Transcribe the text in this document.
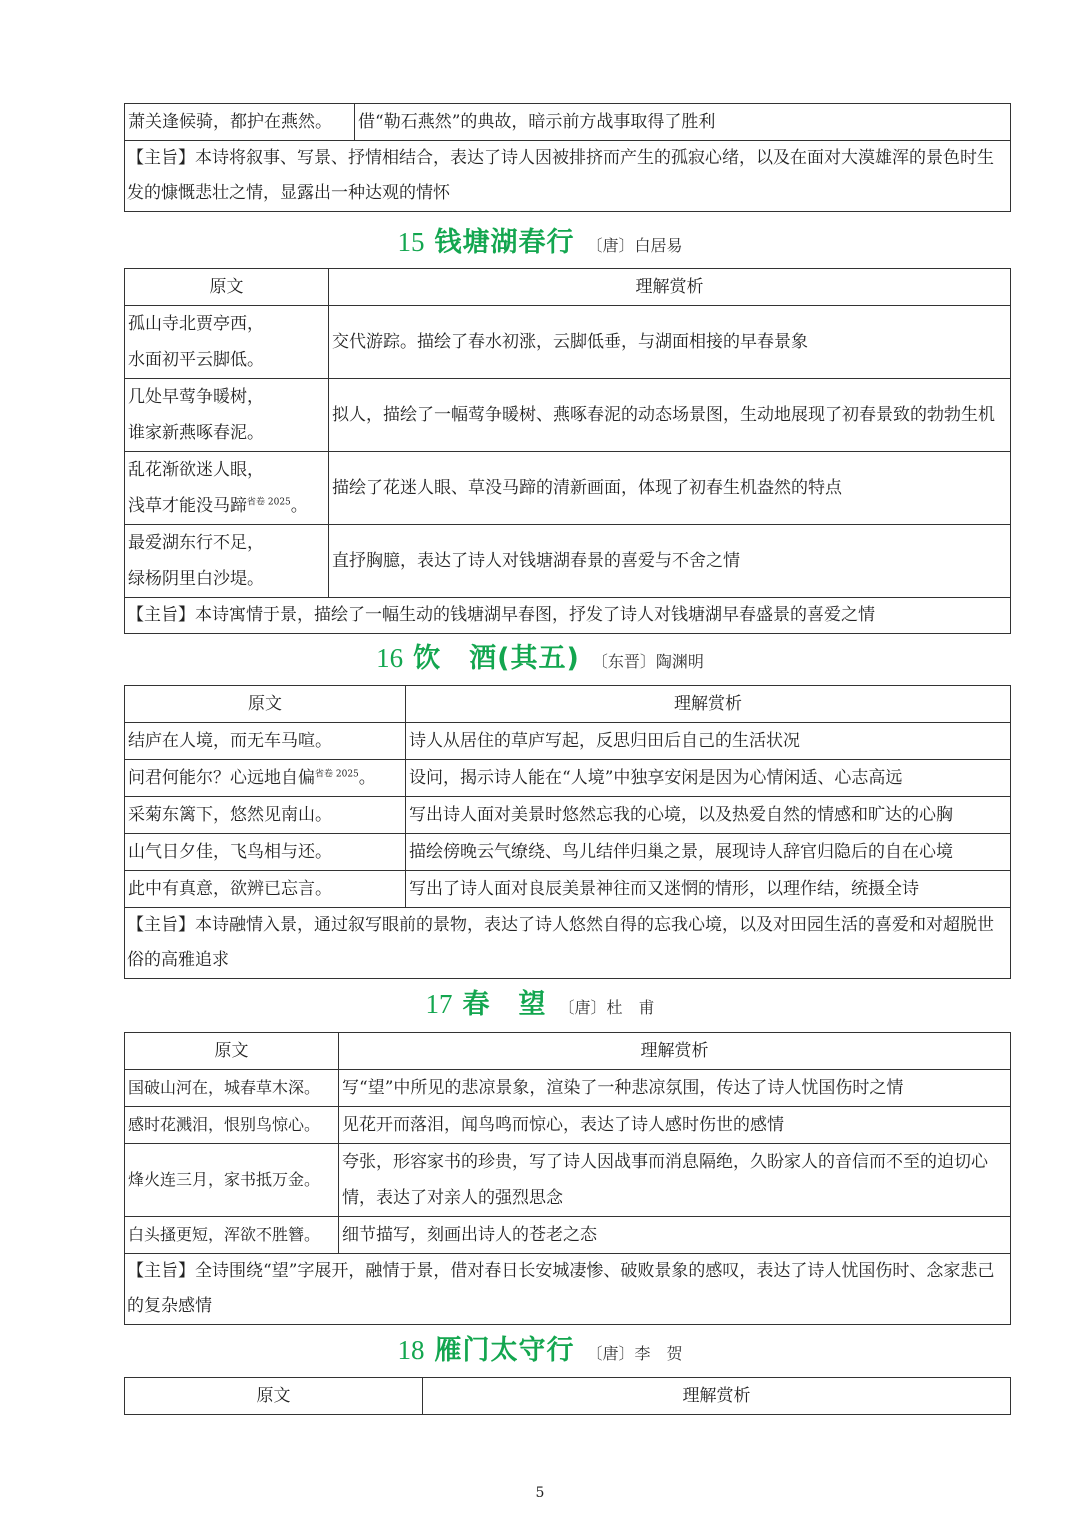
萧关逢候骑，都护在燕然。	借“勒石燕然”的典故，暗示前方战事取得了胜利
【主旨】本诗将叙事、写景、抒情相结合，表达了诗人因被排挤而产生的孤寂心绪，以及在面对大漠雄浑的景色时生发的慷慨悲壮之情，显露出一种达观的情怀
15 钱塘湖春行 〔唐〕白居易
原文	理解赏析

孤山寺北贾亭西，
水面初平云脚低。	交代游踪。描绘了春水初涨，云脚低垂，与湖面相接的早春景象

几处早莺争暖树，
谁家新燕啄春泥。	拟人，描绘了一幅莺争暖树、燕啄春泥的动态场景图，生动地展现了初春景致的勃勃生机

乱花渐欲迷人眼，
浅草才能没马蹄$^{省卷 2025}$。	描绘了花迷人眼、草没马蹄的清新画面，体现了初春生机盎然的特点

最爱湖东行不足，
绿杨阴里白沙堤。	直抒胸臆，表达了诗人对钱塘湖春景的喜爱与不舍之情
【主旨】本诗寓情于景，描绘了一幅生动的钱塘湖早春图，抒发了诗人对钱塘湖早春盛景的喜爱之情	
16 饮　酒(其五) 〔东晋〕陶渊明
原文	理解赏析
结庐在人境，而无车马喧。	诗人从居住的草庐写起，反思归田后自己的生活状况
问君何能尔？心远地自偏$^{省卷 2025}$。	设问，揭示诗人能在“人境”中独享安闲是因为心情闲适、心志高远
采菊东篱下，悠然见南山。	写出诗人面对美景时悠然忘我的心境，以及热爱自然的情感和旷达的心胸
山气日夕佳，飞鸟相与还。	描绘傍晚云气缭绕、鸟儿结伴归巢之景，展现诗人辞官归隐后的自在心境
此中有真意，欲辨已忘言。	写出了诗人面对良辰美景神往而又迷惘的情形，以理作结，统摄全诗
【主旨】本诗融情入景，通过叙写眼前的景物，表达了诗人悠然自得的忘我心境，以及对田园生活的喜爱和对超脱世俗的高雅追求	
17 春　望 〔唐〕杜　甫
原文	理解赏析
国破山河在，城春草木深。	写“望”中所见的悲凉景象，渲染了一种悲凉氛围，传达了诗人忧国伤时之情
感时花溅泪，恨别鸟惊心。	见花开而落泪，闻鸟鸣而惊心，表达了诗人感时伤世的感情
烽火连三月，家书抵万金。	夸张，形容家书的珍贵，写了诗人因战事而消息隔绝，久盼家人的音信而不至的迫切心情，表达了对亲人的强烈思念
白头搔更短，浑欲不胜簪。	细节描写，刻画出诗人的苍老之态
【主旨】全诗围绕“望”字展开，融情于景，借对春日长安城凄惨、破败景象的感叹，表达了诗人忧国伤时、念家悲己的复杂感情	
18 雁门太守行 〔唐〕李　贺
原文	理解赏析
5
